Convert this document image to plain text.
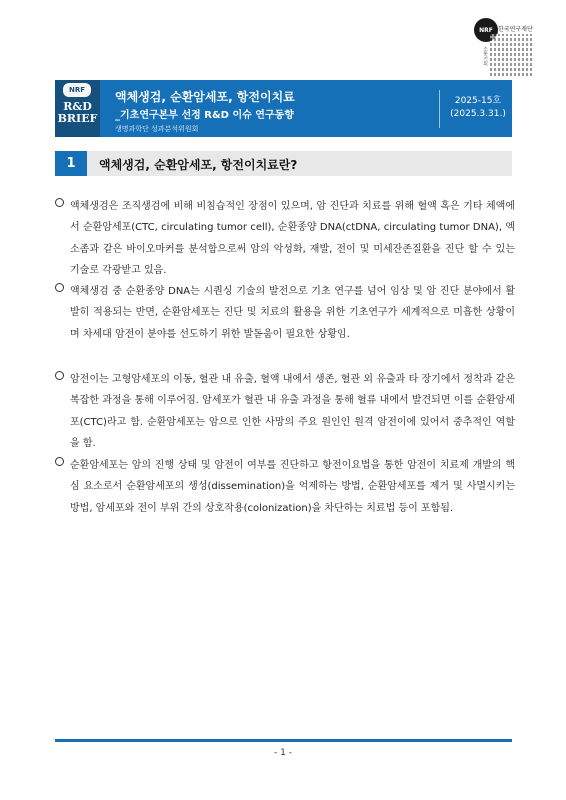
NRF 한국연구재단
소통기획
NRF
R&D
BRIEF
액체생검, 순환암세포, 항전이치료
_기초연구본부 선정 R&D 이슈 연구동향
생명과학단 성과분석위원회
2025-15호
(2025.3.31.)
1	액체생검, 순환암세포, 항전이치료란?
액체생검은 조직생검에 비해 비침습적인 장점이 있으며, 암 진단과 치료를 위해 혈액 혹은 기타 체액에서 순환암세포(CTC, circulating tumor cell), 순환종양 DNA(ctDNA, circulating tumor DNA), 엑소좀과 같은 바이오마커를 분석함으로써 암의 악성화, 재발, 전이 및 미세잔존질환을 진단 할 수 있는 기술로 각광받고 있음.
액체생검 중 순환종양 DNA는 시퀀싱 기술의 발전으로 기초 연구를 넘어 임상 및 암 진단 분야에서 활발히 적용되는 반면, 순환암세포는 진단 및 치료의 활용을 위한 기초연구가 세계적으로 미흡한 상황이며 차세대 암전이 분야를 선도하기 위한 발돋움이 필요한 상황임.
암전이는 고형암세포의 이동, 혈관 내 유출, 혈액 내에서 생존, 혈관 외 유출과 타 장기에서 정착과 같은 복잡한 과정을 통해 이루어짐. 암세포가 혈관 내 유출 과정을 통해 혈류 내에서 발견되면 이를 순환암세포(CTC)라고 함. 순환암세포는 암으로 인한 사망의 주요 원인인 원격 암전이에 있어서 중추적인 역할을 함.
순환암세포는 암의 진행 상태 및 암전이 여부를 진단하고 항전이요법을 통한 암전이 치료제 개발의 핵심 요소로서 순환암세포의 생성(dissemination)을 억제하는 방법, 순환암세포를 제거 및 사멸시키는 방법, 암세포와 전이 부위 간의 상호작용(colonization)을 차단하는 치료법 등이 포함됨.
- 1 -
